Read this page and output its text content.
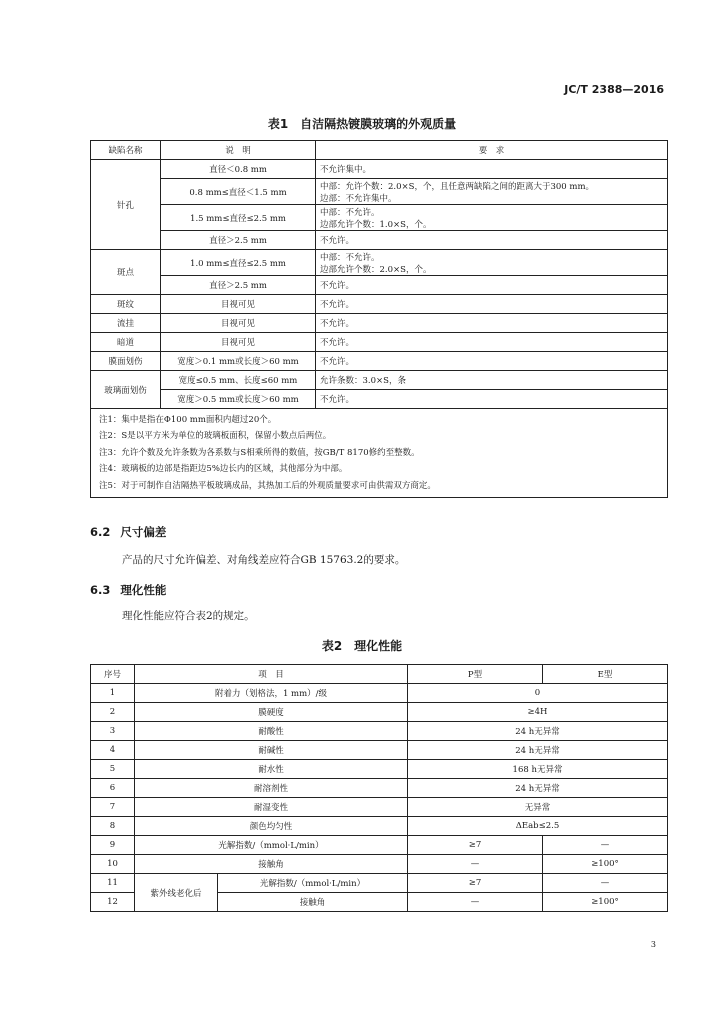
JC/T 2388—2016
表1 自洁隔热镀膜玻璃的外观质量
缺陷名称	说　明	要　求
针孔	直径＜0.8 mm	不允许集中。
	0.8 mm≤直径＜1.5 mm	中部：允许个数：2.0×S，个，且任意两缺陷之间的距离大于300 mm。
边部：不允许集中。

	1.5 mm≤直径≤2.5 mm	中部：不允许。
边部允许个数：1.0×S，个。

	直径＞2.5 mm	不允许。
斑点	1.0 mm≤直径≤2.5 mm	中部：不允许。
边部允许个数：2.0×S，个。

	直径＞2.5 mm	不允许。
斑纹	目视可见	不允许。
流挂	目视可见	不允许。
暗道	目视可见	不允许。
膜面划伤	宽度＞0.1 mm或长度＞60 mm	不允许。
玻璃面划伤	宽度≤0.5 mm、长度≤60 mm	允许条数：3.0×S，条
	宽度＞0.5 mm或长度＞60 mm	不允许。

注1：集中是指在Φ100 mm面积内超过20个。
注2：S是以平方米为单位的玻璃板面积，保留小数点后两位。
注3：允许个数及允许条数为各系数与S相乘所得的数值，按GB/T 8170修约至整数。
注4：玻璃板的边部是指距边5%边长内的区域，其他部分为中部。
注5：对于可制作自洁隔热平板玻璃成品，其热加工后的外观质量要求可由供需双方商定。		
6.2 尺寸偏差
产品的尺寸允许偏差、对角线差应符合GB 15763.2的要求。
6.3 理化性能
理化性能应符合表2的规定。
表2 理化性能
序号	项　目		P型	E型
1	附着力（划格法，1 mm）/级		0	
2	膜硬度		≥4H	
3	耐酸性		24 h无异常	
4	耐碱性		24 h无异常	
5	耐水性		168 h无异常	
6	耐溶剂性		24 h无异常	
7	耐湿变性		无异常	
8	颜色均匀性		ΔEab≤2.5	
9	光解指数/（mmol·L/min）		≥7	—
10	接触角		—	≥100°
11	紫外线老化后	光解指数/（mmol·L/min）	≥7	—
12		接触角	—	≥100°
3
